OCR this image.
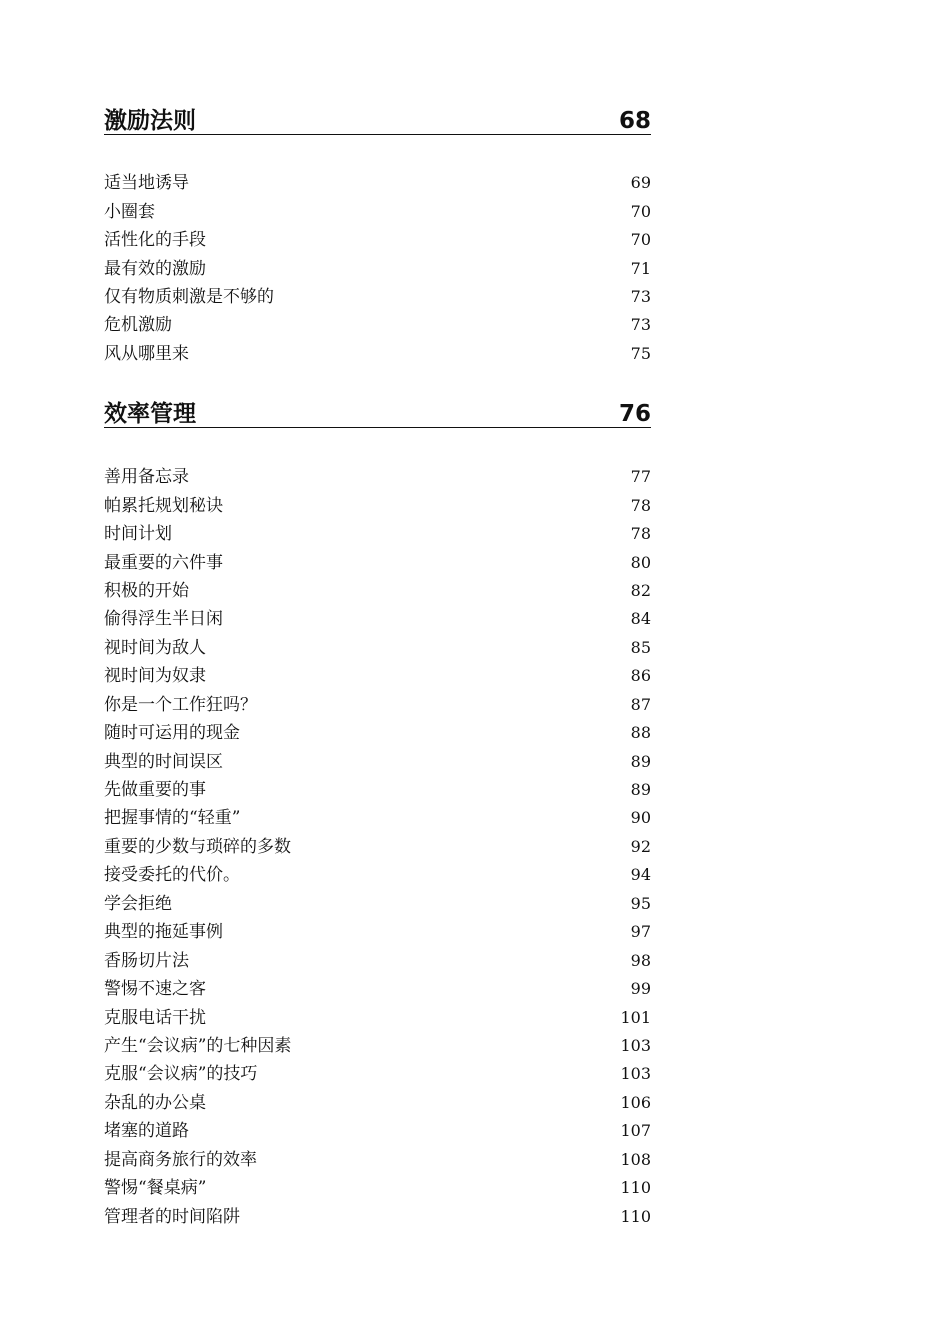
激励法则	68
适当地诱导	69
小圈套	70
活性化的手段	70
最有效的激励	71
仅有物质刺激是不够的	73
危机激励	73
风从哪里来	75
效率管理	76
善用备忘录	77
帕累托规划秘诀	78
时间计划	78
最重要的六件事	80
积极的开始	82
偷得浮生半日闲	84
视时间为敌人	85
视时间为奴隶	86
你是一个工作狂吗？	87
随时可运用的现金	88
典型的时间误区	89
先做重要的事	89
把握事情的“轻重”	90
重要的少数与琐碎的多数	92
接受委托的代价。	94
学会拒绝	95
典型的拖延事例	97
香肠切片法	98
警惕不速之客	99
克服电话干扰	101
产生“会议病”的七种因素	103
克服“会议病”的技巧	103
杂乱的办公桌	106
堵塞的道路	107
提高商务旅行的效率	108
警惕“餐桌病”	110
管理者的时间陷阱	110
